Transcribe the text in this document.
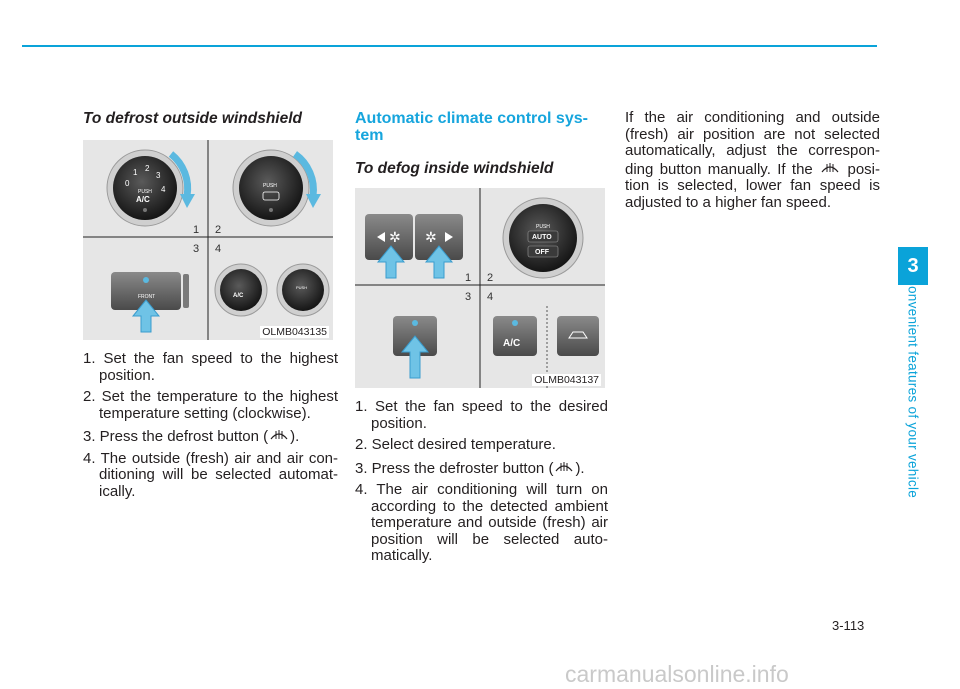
To defrost outside windshield
0
1 2
3
4
PUSH
A/C
PUSH
1 2
3 4
FRONT	A/C
PUSH
OLMB043135
1. Set the fan speed to the highest position.
2. Set the temperature to the highest temperature setting (clockwise).
3. Press the defrost button ( ).
4. The outside (fresh) air and air con-ditioning will be selected automat-ically.
Automatic climate control sys-tem
To defog inside windshield
✲ ✲
PUSH
AUTO
OFF
1 2
3 4
A/C
OLMB043137
1. Set the fan speed to the desired position.
2. Select desired temperature.
3. Press the defroster button ( ).
4. The air conditioning will turn on according to the detected ambient temperature and outside (fresh) air position will be selected auto-matically.

If the air conditioning and outside (fresh) air position are not selected automatically, adjust the correspon-ding button manually. If the  posi-tion is selected, lower fan speed is adjusted to a higher fan speed.

3
Convenient features of your vehicle
3-113
carmanualsonline.info
